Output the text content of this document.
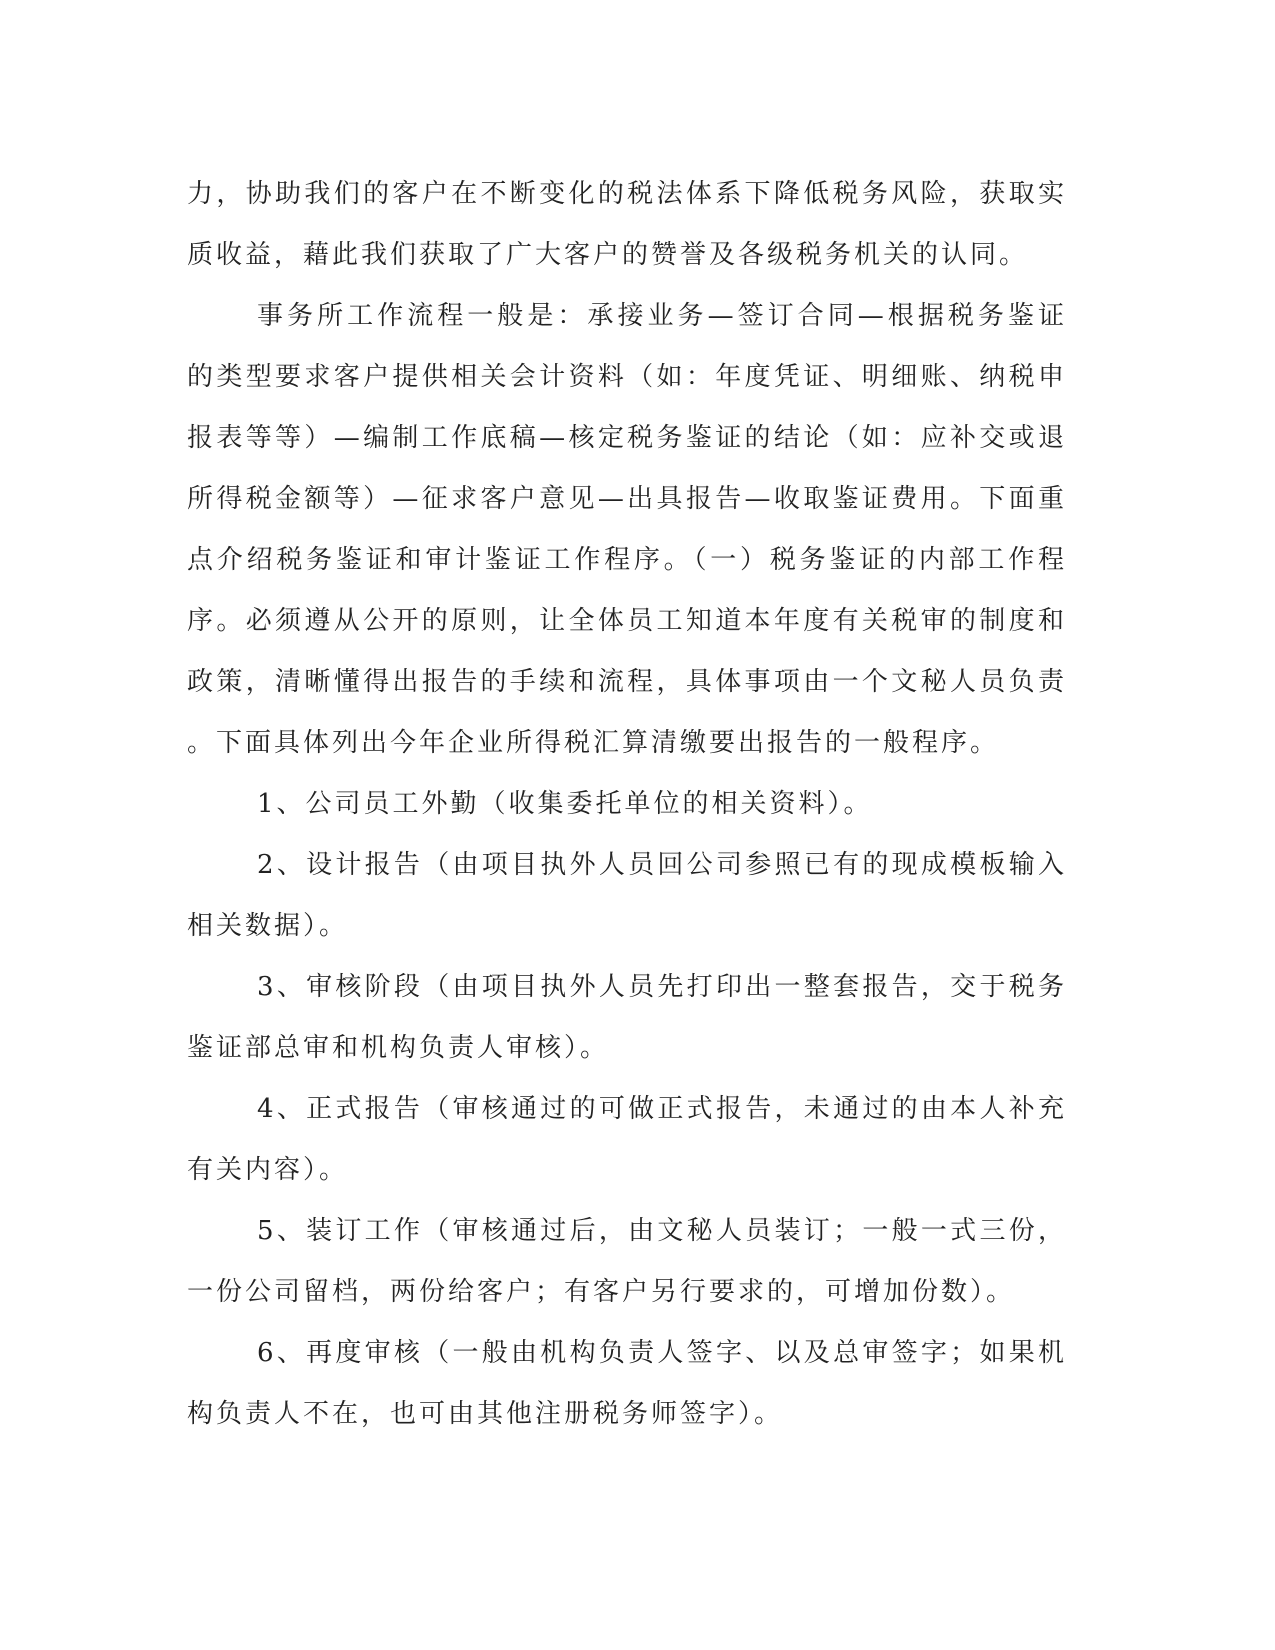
力，协助我们的客户在不断变化的税法体系下降低税务风险，获取实质收益，藉此我们获取了广大客户的赞誉及各级税务机关的认同。

事务所工作流程一般是：承接业务—签订合同—根据税务鉴证的类型要求客户提供相关会计资料（如：年度凭证、明细账、纳税申报表等等）—编制工作底稿—核定税务鉴证的结论（如：应补交或退所得税金额等）—征求客户意见—出具报告—收取鉴证费用。下面重点介绍税务鉴证和审计鉴证工作程序。（一）税务鉴证的内部工作程序。必须遵从公开的原则，让全体员工知道本年度有关税审的制度和政策，清晰懂得出报告的手续和流程，具体事项由一个文秘人员负责。下面具体列出今年企业所得税汇算清缴要出报告的一般程序。

1、公司员工外勤（收集委托单位的相关资料）。

2、设计报告（由项目执外人员回公司参照已有的现成模板输入相关数据）。

3、审核阶段（由项目执外人员先打印出一整套报告，交于税务鉴证部总审和机构负责人审核）。

4、正式报告（审核通过的可做正式报告，未通过的由本人补充有关内容）。

5、装订工作（审核通过后，由文秘人员装订；一般一式三份，一份公司留档，两份给客户；有客户另行要求的，可增加份数）。

6、再度审核（一般由机构负责人签字、以及总审签字；如果机构负责人不在，也可由其他注册税务师签字）。
